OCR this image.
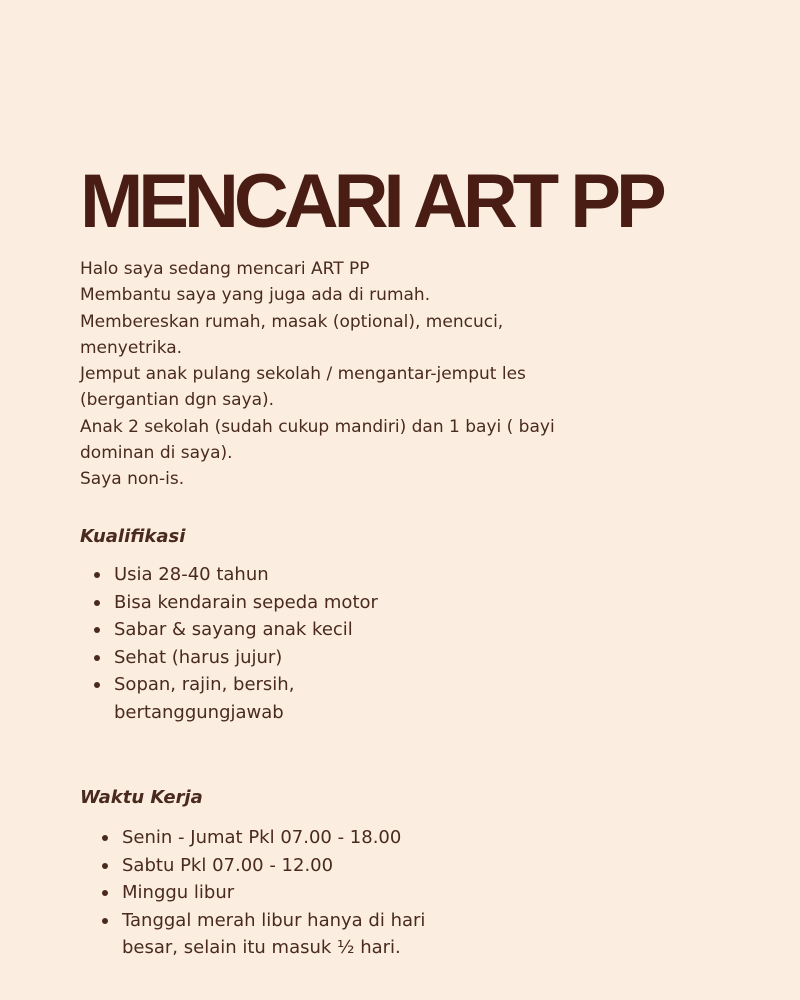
MENCARI ART PP

Halo saya sedang mencari ART PP
Membantu saya yang juga ada di rumah.
Membereskan rumah, masak (optional), mencuci,
menyetrika.
Jemput anak pulang sekolah / mengantar-jemput les
(bergantian dgn saya).
Anak 2 sekolah (sudah cukup mandiri) dan 1 bayi ( bayi
dominan di saya).
Saya non-is.

Kualifikasi
Usia 28-40 tahun
Bisa kendarain sepeda motor
Sabar & sayang anak kecil
Sehat (harus jujur)
Sopan, rajin, bersih, bertanggungjawab
Waktu Kerja
Senin - Jumat Pkl 07.00 - 18.00
Sabtu Pkl 07.00 - 12.00
Minggu libur
Tanggal merah libur hanya di hari besar, selain itu masuk ½ hari.
